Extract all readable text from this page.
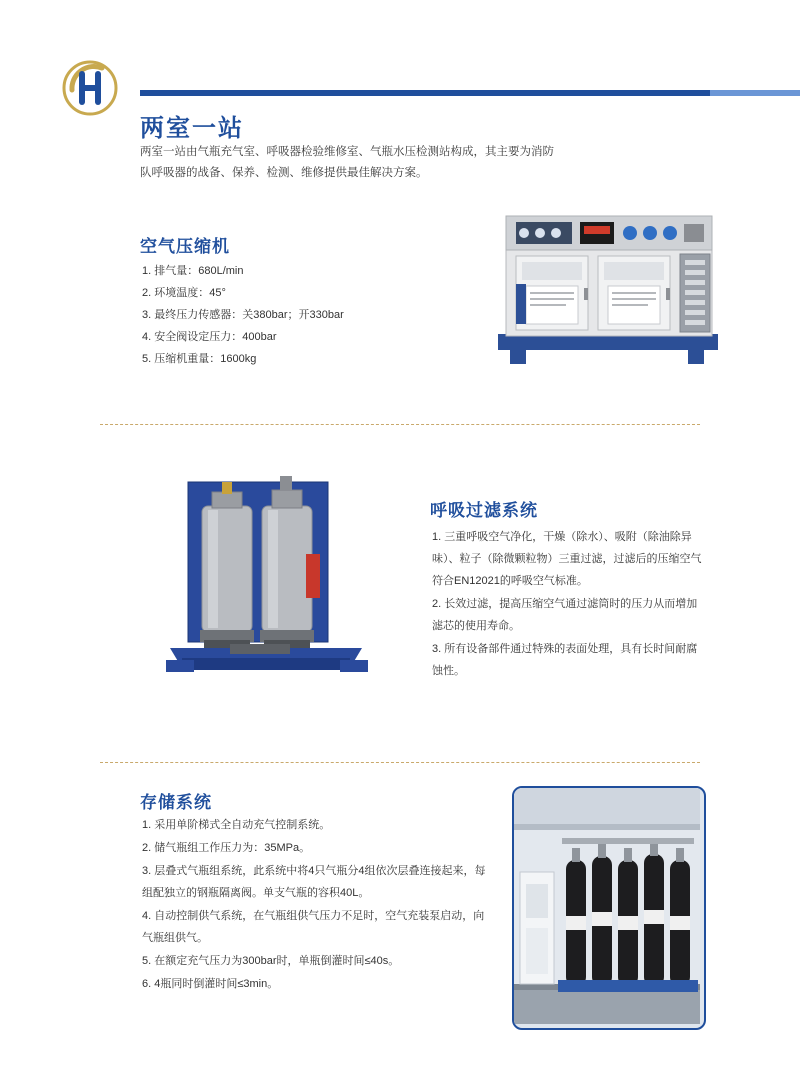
两室一站
两室一站由气瓶充气室、呼吸器检验维修室、气瓶水压检测站构成，其主要为消防队呼吸器的战备、保养、检测、维修提供最佳解决方案。
空气压缩机
1. 排气量：680L/min
2. 环境温度：45°
3. 最终压力传感器：关380bar；开330bar
4. 安全阀设定压力：400bar
5. 压缩机重量：1600kg
呼吸过滤系统
1. 三重呼吸空气净化，干燥（除水）、吸附（除油除异味）、粒子（除微颗粒物）三重过滤，过滤后的压缩空气符合EN12021的呼吸空气标准。
2. 长效过滤，提高压缩空气通过滤筒时的压力从而增加滤芯的使用寿命。
3. 所有设备部件通过特殊的表面处理，具有长时间耐腐蚀性。
存储系统
1. 采用单阶梯式全自动充气控制系统。
2. 储气瓶组工作压力为：35MPa。
3. 层叠式气瓶组系统，此系统中将4只气瓶分4组依次层叠连接起来，每组配独立的钢瓶隔离阀。单支气瓶的容积40L。
4. 自动控制供气系统，在气瓶组供气压力不足时，空气充装泵启动，向气瓶组供气。
5. 在额定充气压力为300bar时，单瓶倒灌时间≤40s。
6. 4瓶同时倒灌时间≤3min。
